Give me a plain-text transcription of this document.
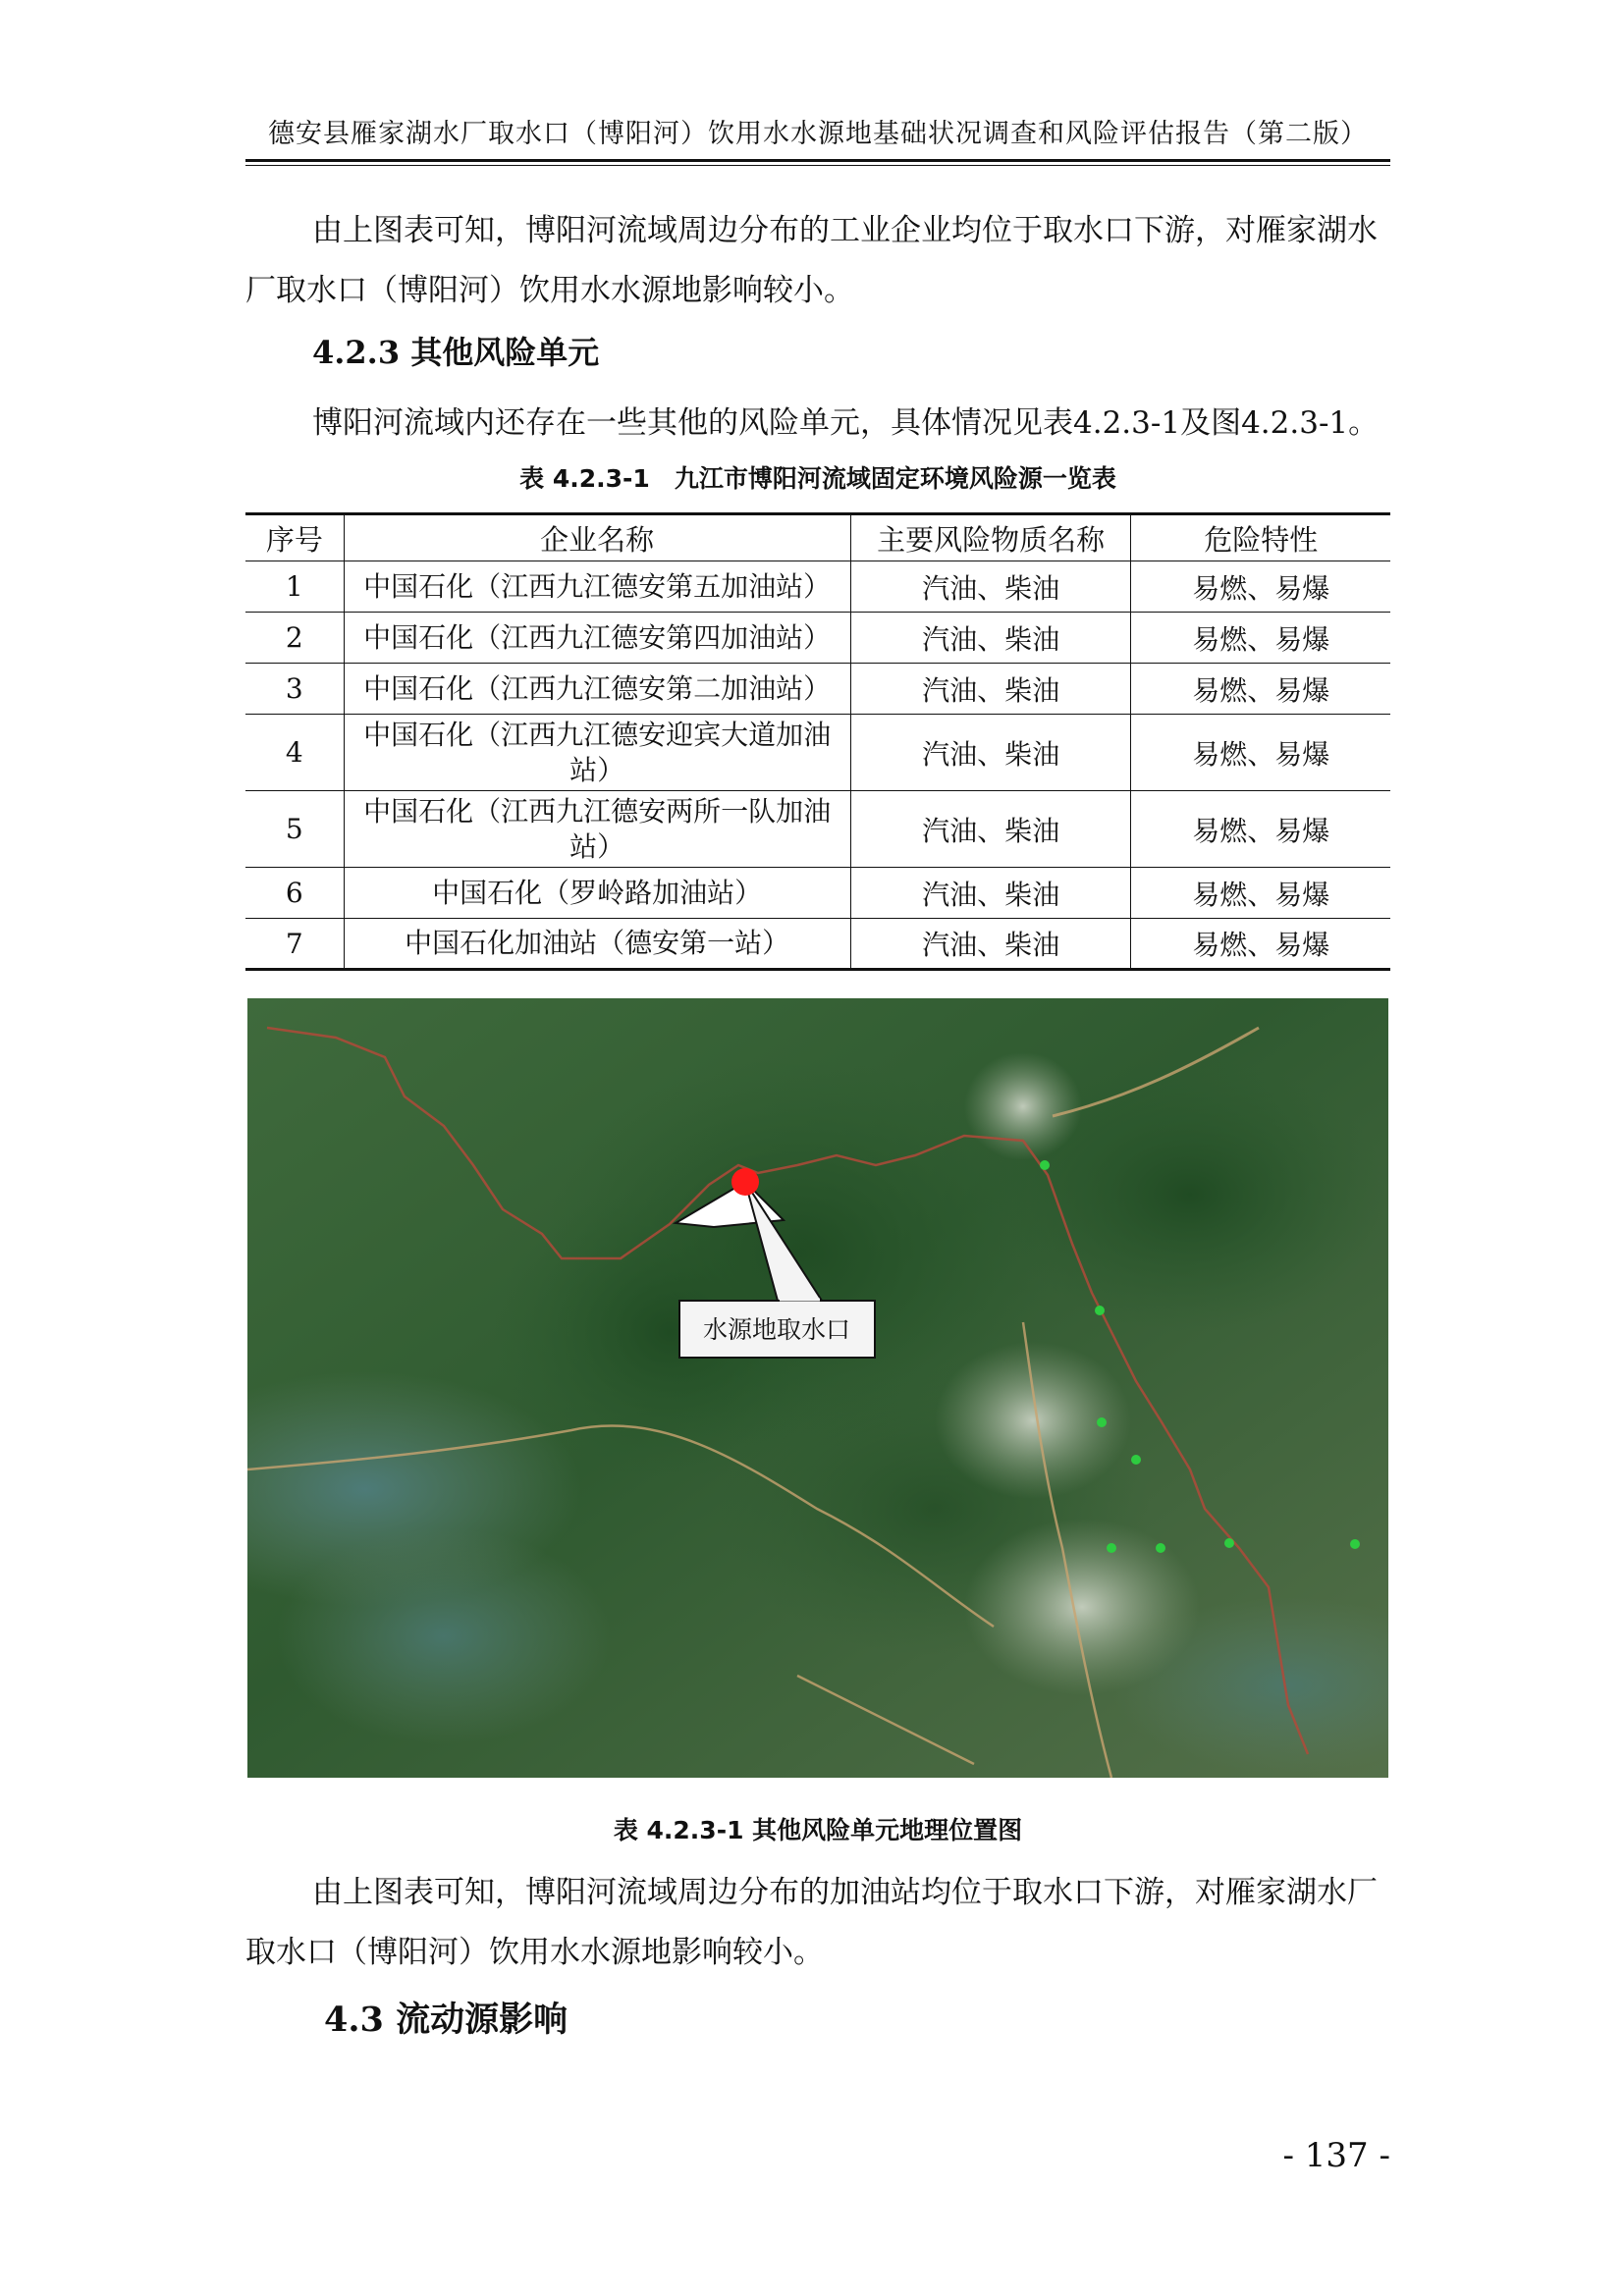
德安县雁家湖水厂取水口（博阳河）饮用水水源地基础状况调查和风险评估报告（第二版）

由上图表可知，博阳河流域周边分布的工业企业均位于取水口下游，对雁家湖水厂取水口（博阳河）饮用水水源地影响较小。

4.2.3 其他风险单元

博阳河流域内还存在一些其他的风险单元，具体情况见表4.2.3-1及图4.2.3-1。

表 4.2.3-1　九江市博阳河流域固定环境风险源一览表

序号	企业名称	主要风险物质名称	危险特性
1	中国石化（江西九江德安第五加油站）	汽油、柴油	易燃、易爆
2	中国石化（江西九江德安第四加油站）	汽油、柴油	易燃、易爆
3	中国石化（江西九江德安第二加油站）	汽油、柴油	易燃、易爆
4	中国石化（江西九江德安迎宾大道加油站）	汽油、柴油	易燃、易爆
5	中国石化（江西九江德安两所一队加油站）	汽油、柴油	易燃、易爆
6	中国石化（罗岭路加油站）	汽油、柴油	易燃、易爆
7	中国石化加油站（德安第一站）	汽油、柴油	易燃、易爆
水源地取水口

表 4.2.3-1 其他风险单元地理位置图

由上图表可知，博阳河流域周边分布的加油站均位于取水口下游，对雁家湖水厂取水口（博阳河）饮用水水源地影响较小。

4.3 流动源影响
- 137 -
